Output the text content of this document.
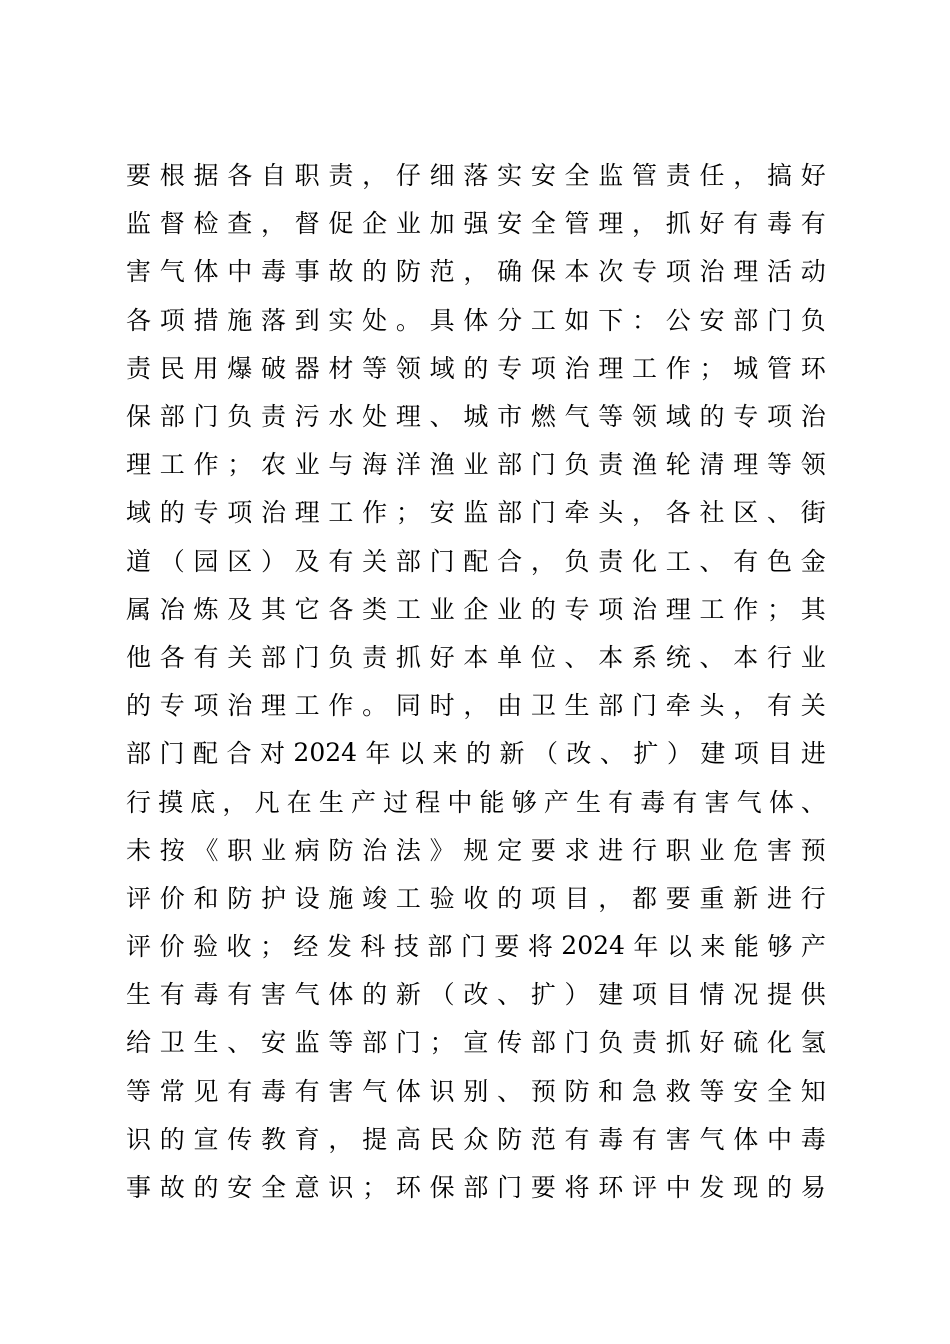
要 根 据 各 自 职 责 ， 仔 细 落 实 安 全 监 管 责 任 ， 搞 好
监 督 检 查 ， 督 促 企 业 加 强 安 全 管 理 ， 抓 好 有 毒 有
害 气 体 中 毒 事 故 的 防 范 ， 确 保 本 次 专 项 治 理 活 动
各 项 措 施 落 到 实 处 。 具 体 分 工 如 下 ： 公 安 部 门 负
责 民 用 爆 破 器 材 等 领 域 的 专 项 治 理 工 作 ； 城 管 环
保 部 门 负 责 污 水 处 理 、 城 市 燃 气 等 领 域 的 专 项 治
理 工 作 ； 农 业 与 海 洋 渔 业 部 门 负 责 渔 轮 清 理 等 领
域 的 专 项 治 理 工 作 ； 安 监 部 门 牵 头 ， 各 社 区 、 街
道 （ 园 区 ） 及 有 关 部 门 配 合 ， 负 责 化 工 、 有 色 金
属 冶 炼 及 其 它 各 类 工 业 企 业 的 专 项 治 理 工 作 ； 其
他 各 有 关 部 门 负 责 抓 好 本 单 位 、 本 系 统 、 本 行 业
的 专 项 治 理 工 作 。 同 时 ， 由 卫 生 部 门 牵 头 ， 有 关
部 门 配 合 对 2024 年 以 来 的 新 （ 改 、 扩 ） 建 项 目 进
行 摸 底 ， 凡 在 生 产 过 程 中 能 够 产 生 有 毒 有 害 气 体 、
未 按 《 职 业 病 防 治 法 》 规 定 要 求 进 行 职 业 危 害 预
评 价 和 防 护 设 施 竣 工 验 收 的 项 目 ， 都 要 重 新 进 行
评 价 验 收 ； 经 发 科 技 部 门 要 将 2024 年 以 来 能 够 产
生 有 毒 有 害 气 体 的 新 （ 改 、 扩 ） 建 项 目 情 况 提 供
给 卫 生 、 安 监 等 部 门 ； 宣 传 部 门 负 责 抓 好 硫 化 氢
等 常 见 有 毒 有 害 气 体 识 别 、 预 防 和 急 救 等 安 全 知
识 的 宣 传 教 育 ， 提 高 民 众 防 范 有 毒 有 害 气 体 中 毒
事 故 的 安 全 意 识 ； 环 保 部 门 要 将 环 评 中 发 现 的 易
